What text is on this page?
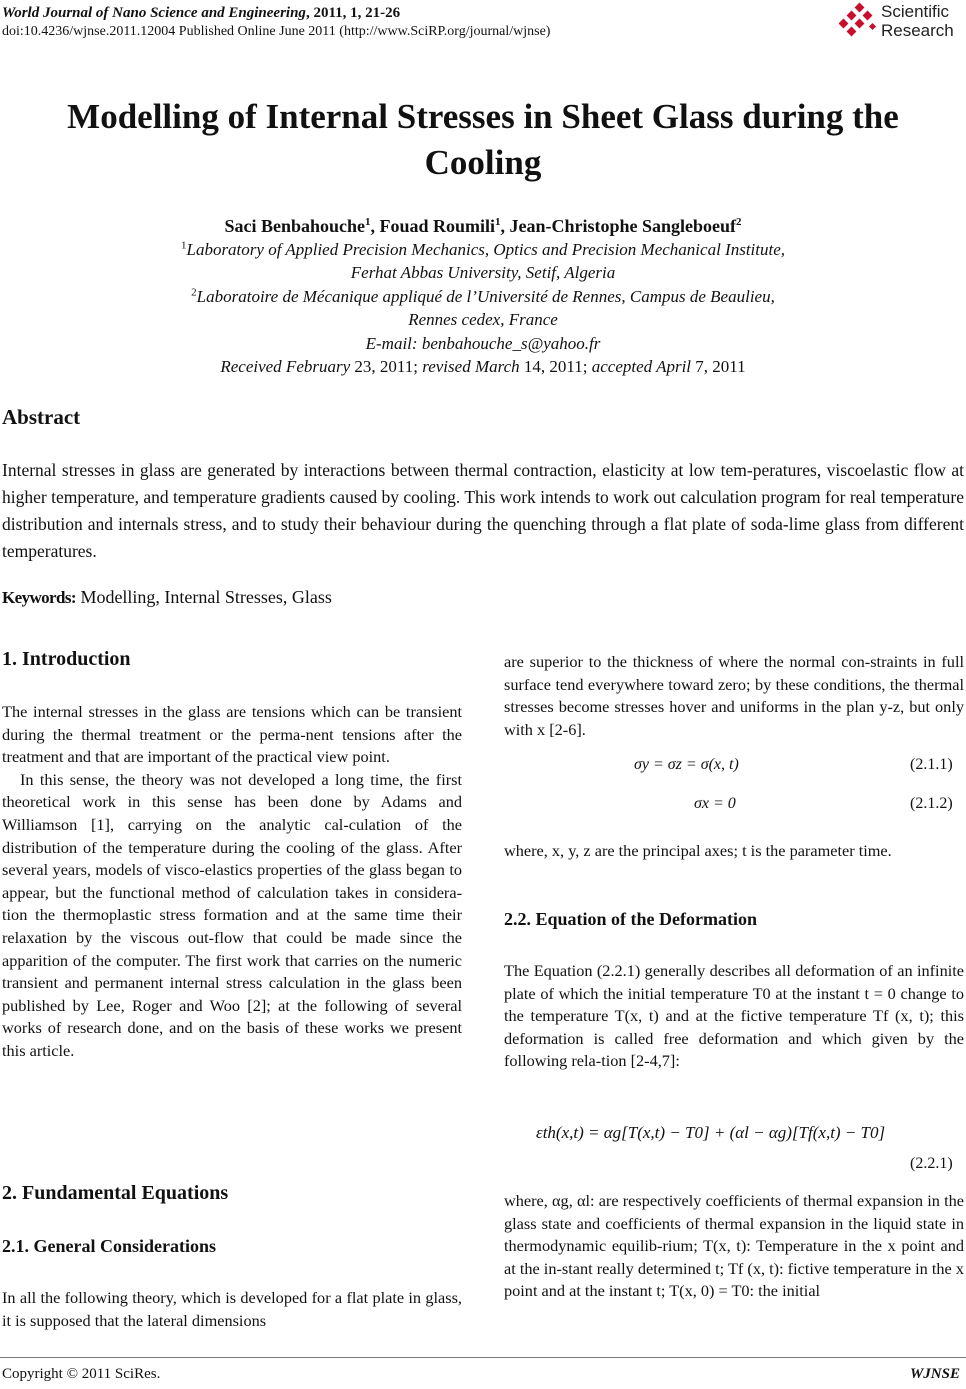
World Journal of Nano Science and Engineering, 2011, 1, 21-26
doi:10.4236/wjnse.2011.12004 Published Online June 2011 (http://www.SciRP.org/journal/wjnse)
Scientific
Research
Modelling of Internal Stresses in Sheet Glass during the
Cooling
Saci Benbahouche$^1$, Fouad Roumili$^1$, Jean-Christophe Sangleboeuf$^2$
$^1$Laboratory of Applied Precision Mechanics, Optics and Precision Mechanical Institute,
Ferhat Abbas University, Setif, Algeria
$^2$Laboratoire de Mécanique appliqué de l’Université de Rennes, Campus de Beaulieu,
Rennes cedex, France
E-mail: benbahouche_s@yahoo.fr
Received February 23, 2011; revised March 14, 2011; accepted April 7, 2011
Abstract
Internal stresses in glass are generated by interactions between thermal contraction, elasticity at low tem-peratures, viscoelastic flow at higher temperature, and temperature gradients caused by cooling. This work intends to work out calculation program for real temperature distribution and internals stress, and to study their behaviour during the quenching through a flat plate of soda-lime glass from different temperatures.
Keywords: Modelling, Internal Stresses, Glass
1. Introduction

The internal stresses in the glass are tensions which can be transient during the thermal treatment or the perma-nent tensions after the treatment and that are important of the practical view point.

In this sense, the theory was not developed a long time, the first theoretical work in this sense has been done by Adams and Williamson [1], carrying on the analytic cal-culation of the distribution of the temperature during the cooling of the glass. After several years, models of visco-elastics properties of the glass began to appear, but the functional method of calculation takes in considera-tion the thermoplastic stress formation and at the same time their relaxation by the viscous out-flow that could be made since the apparition of the computer. The first work that carries on the numeric transient and permanent internal stress calculation in the glass been published by Lee, Roger and Woo [2]; at the following of several works of research done, and on the basis of these works we present this article.

2. Fundamental Equations
2.1. General Considerations
In all the following theory, which is developed for a flat plate in glass, it is supposed that the lateral dimensions
are superior to the thickness of where the normal con-straints in full surface tend everywhere toward zero; by these conditions, the thermal stresses become stresses hover and uniforms in the plan y-z, but only with x [2-6].
σy = σz = σ(x, t)	(2.1.1)
σx = 0	(2.1.2)
where, x, y, z are the principal axes; t is the parameter time.
2.2. Equation of the Deformation
The Equation (2.2.1) generally describes all deformation of an infinite plate of which the initial temperature T0 at the instant t = 0 change to the temperature T(x, t) and at the fictive temperature Tf (x, t); this deformation is called free deformation and which given by the following rela-tion [2-4,7]:
εth(x,t) = αg[T(x,t) − T0] + (αl − αg)[Tf(x,t) − T0]
(2.2.1)
where, αg, αl: are respectively coefficients of thermal expansion in the glass state and coefficients of thermal expansion in the liquid state in thermodynamic equilib-rium; T(x, t): Temperature in the x point and at the in-stant really determined t; Tf (x, t): fictive temperature in the x point and at the instant t; T(x, 0) = T0: the initial
Copyright © 2011 SciRes.	WJNSE
